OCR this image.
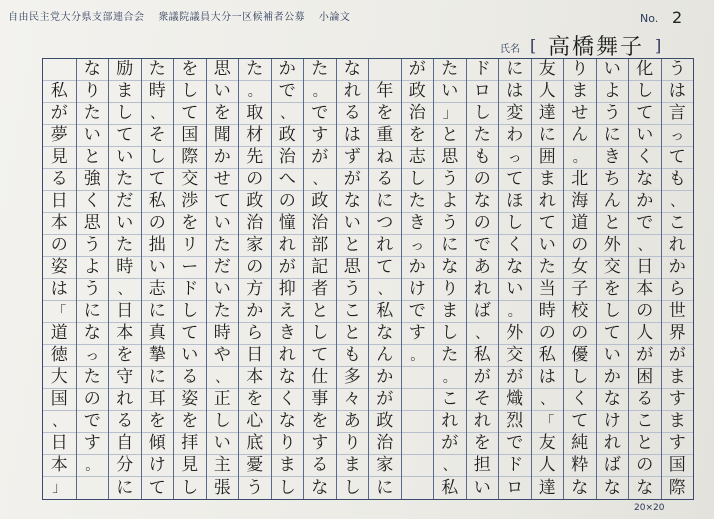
自由民主党大分県支部連合会 衆議院議員大分一区候補者公募 小論文	No. 2
氏名 [ 高橋舞子 ]
う
は
言
っ
て
も
、
こ
れ
か
ら
世
界
が
ま
す
ま
す
国
際
化
し
て
い
く
な
か
で
、
日
本
の
人
が
困
る
こ
と
の
な
い
よ
う
に
き
ち
ん
と
外
交
を
し
て
い
か
な
け
れ
ば
な
り
ま
せ
ん
。
北
海
道
の
女
子
校
の
優
し
く
て
純
粋
な
友
人
達
に
囲
ま
れ
て
い
た
当
時
の
私
は
、
「
友
人
達
に
は
変
わ
っ
て
ほ
し
く
な
い
。
外
交
が
熾
烈
で
ド
ロ
ド
ロ
し
た
も
の
な
の
で
あ
れ
ば
、
私
が
そ
れ
を
担
い
た
い
」
と
思
う
よ
う
に
な
り
ま
し
た
。
こ
れ
が
、
私
が
政
治
を
志
し
た
き
っ
か
け
で
す
。
年
を
重
ね
る
に
つ
れ
て
、
私
な
ん
か
が
政
治
家
に
な
れ
る
は
ず
が
な
い
と
思
う
こ
と
も
多
々
あ
り
ま
し
た
。
で
す
が
、
政
治
部
記
者
と
し
て
仕
事
を
す
る
な
か
で
、
政
治
へ
の
憧
れ
が
抑
え
き
れ
な
く
な
り
ま
し
た
。
取
材
先
の
政
治
家
の
方
か
ら
日
本
を
心
底
憂
う
思
い
を
聞
か
せ
て
い
た
だ
い
た
時
や
、
正
し
い
主
張
を
し
て
国
際
交
渉
を
リ
ー
ド
し
て
い
る
姿
を
拝
見
し
た
時
、
そ
し
て
私
の
拙
い
志
に
真
摯
に
耳
を
傾
け
て
励
ま
し
て
い
た
だ
い
た
時
、
日
本
を
守
れ
る
自
分
に
な
り
た
い
と
強
く
思
う
よ
う
に
な
っ
た
の
で
す
。
私
が
夢
見
る
日
本
の
姿
は
「
道
徳
大
国
、
日
本
」
20×20
